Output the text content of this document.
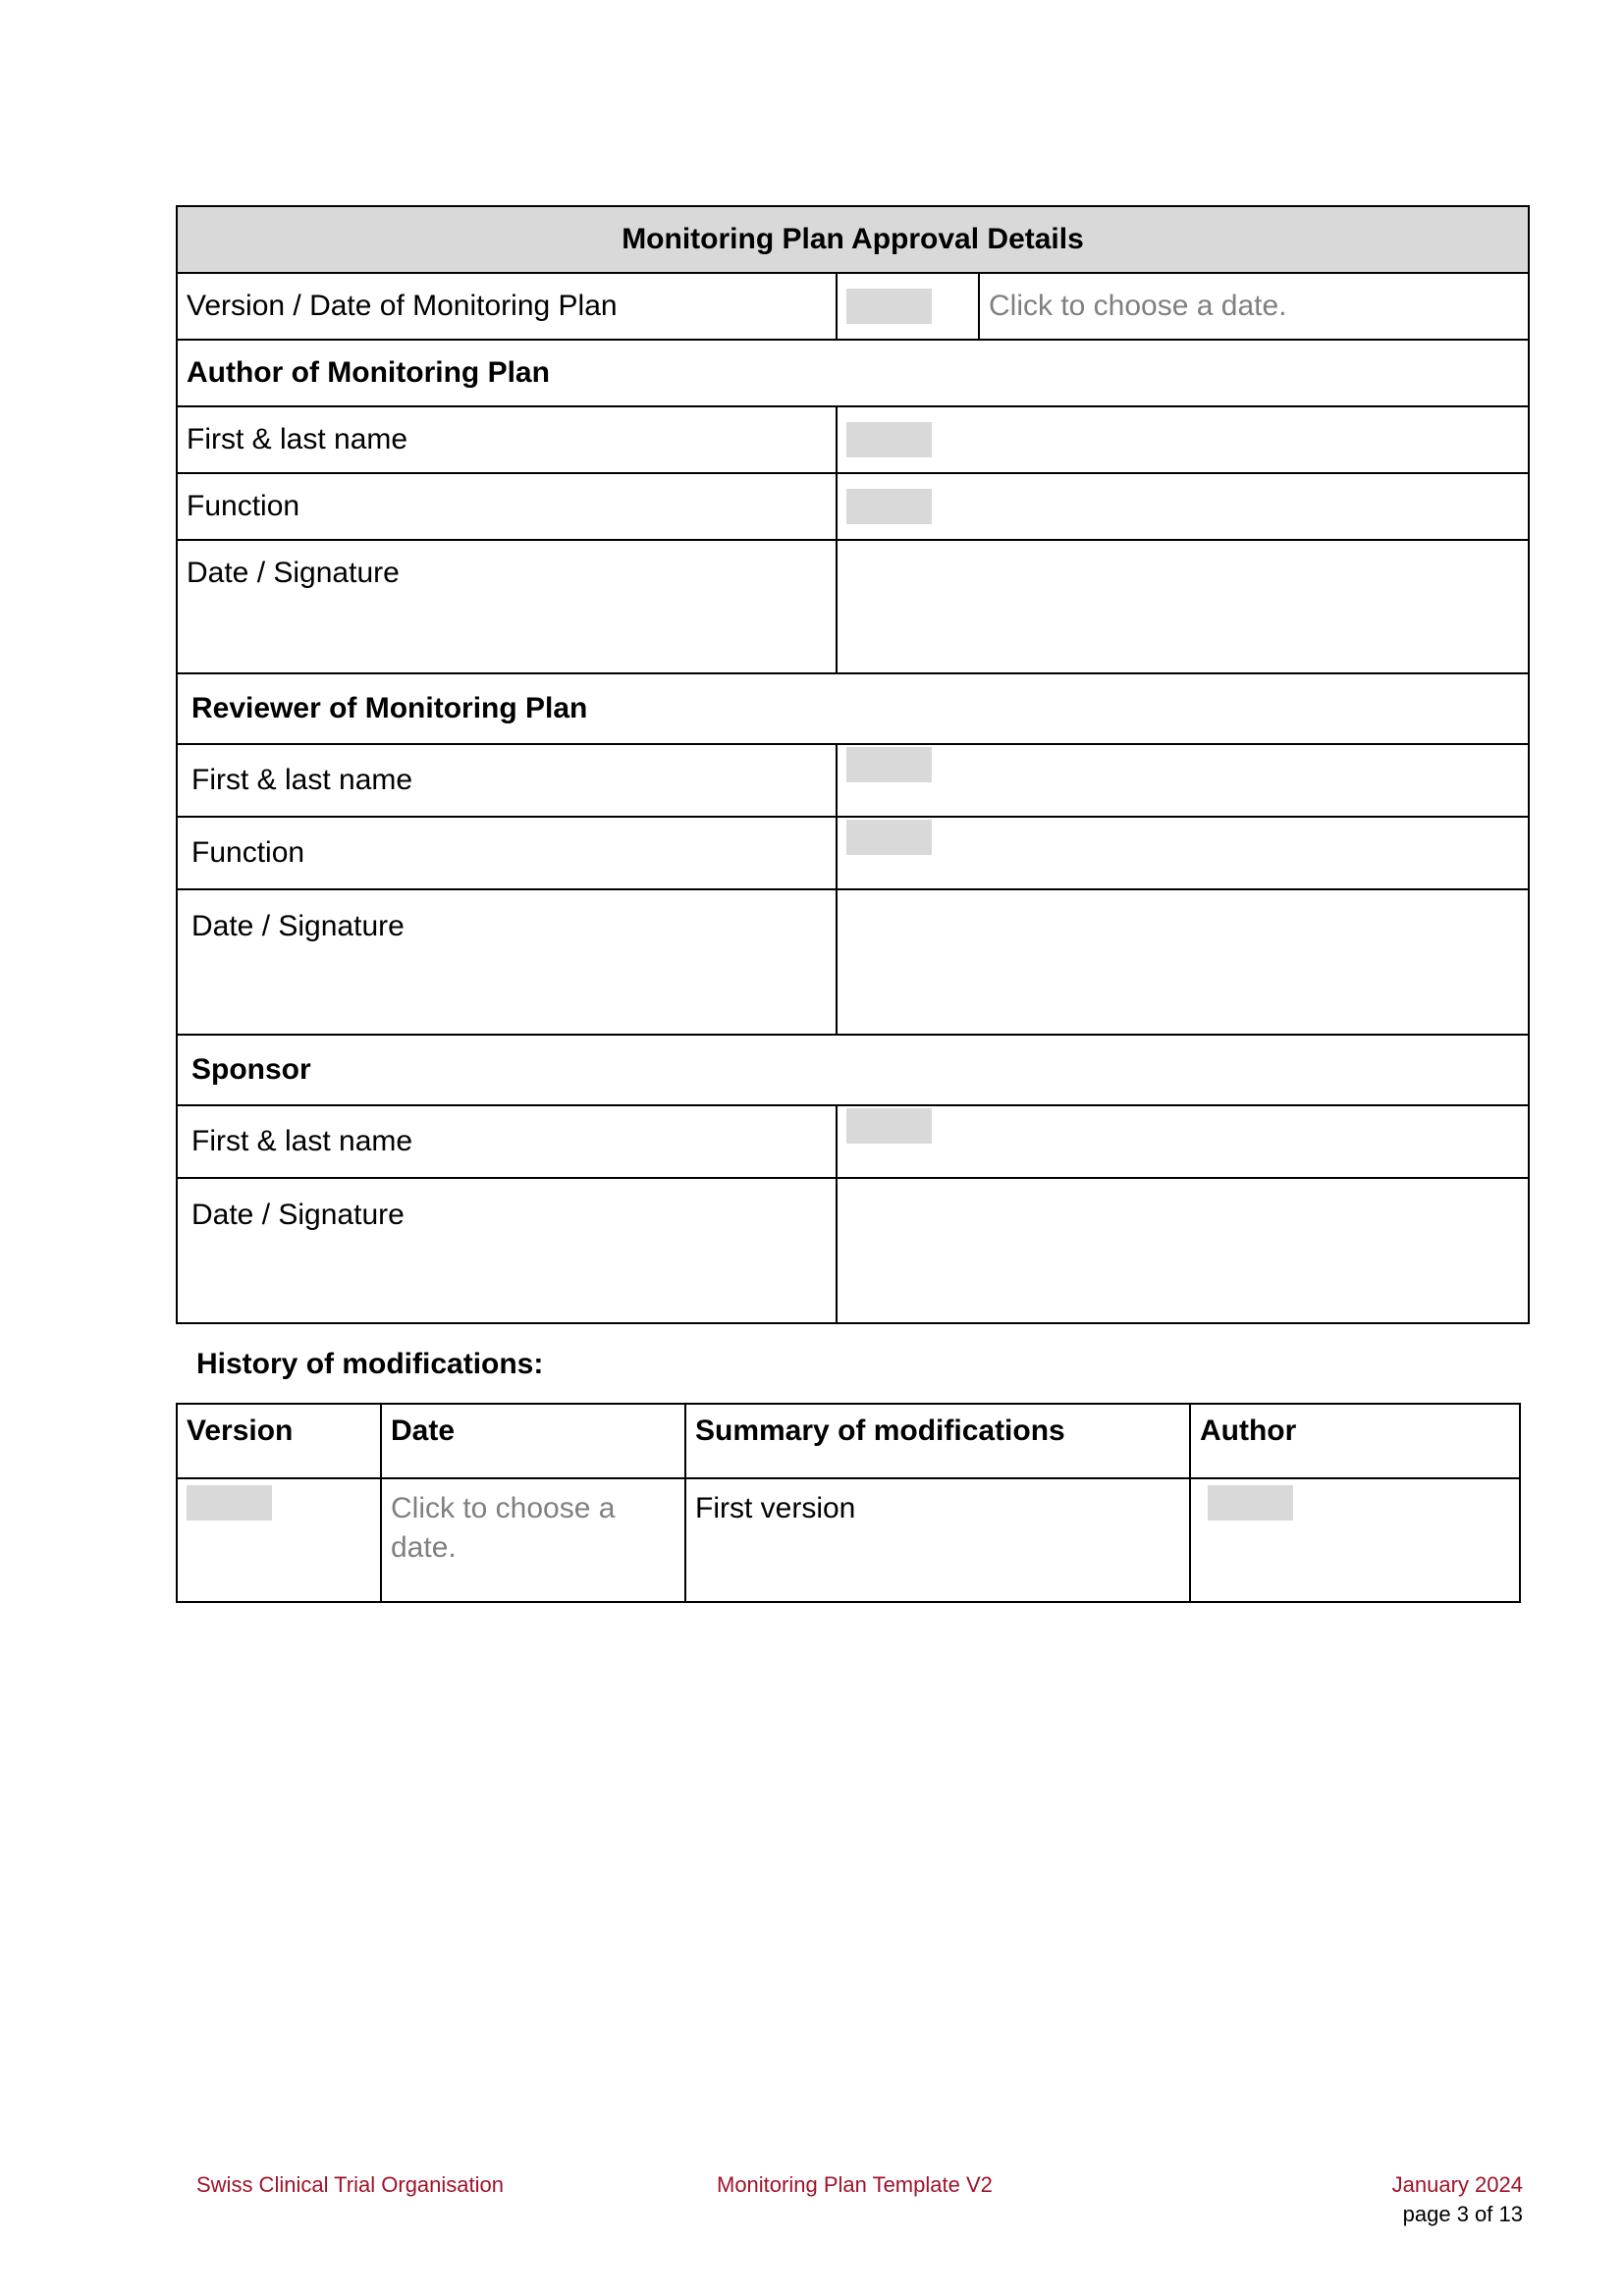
Monitoring Plan Approval Details		
Version / Date of Monitoring Plan		Click to choose a date.
Author of Monitoring Plan		
First & last name		
Function		
Date / Signature		
Reviewer of Monitoring Plan		
First & last name		
Function		
Date / Signature		
Sponsor		
First & last name		
Date / Signature		
History of modifications:
Version	Date	Summary of modifications	Author
	Click to choose a date.	First version	
Swiss Clinical Trial Organisation	Monitoring Plan Template V2	January 2024
page 3 of 13
